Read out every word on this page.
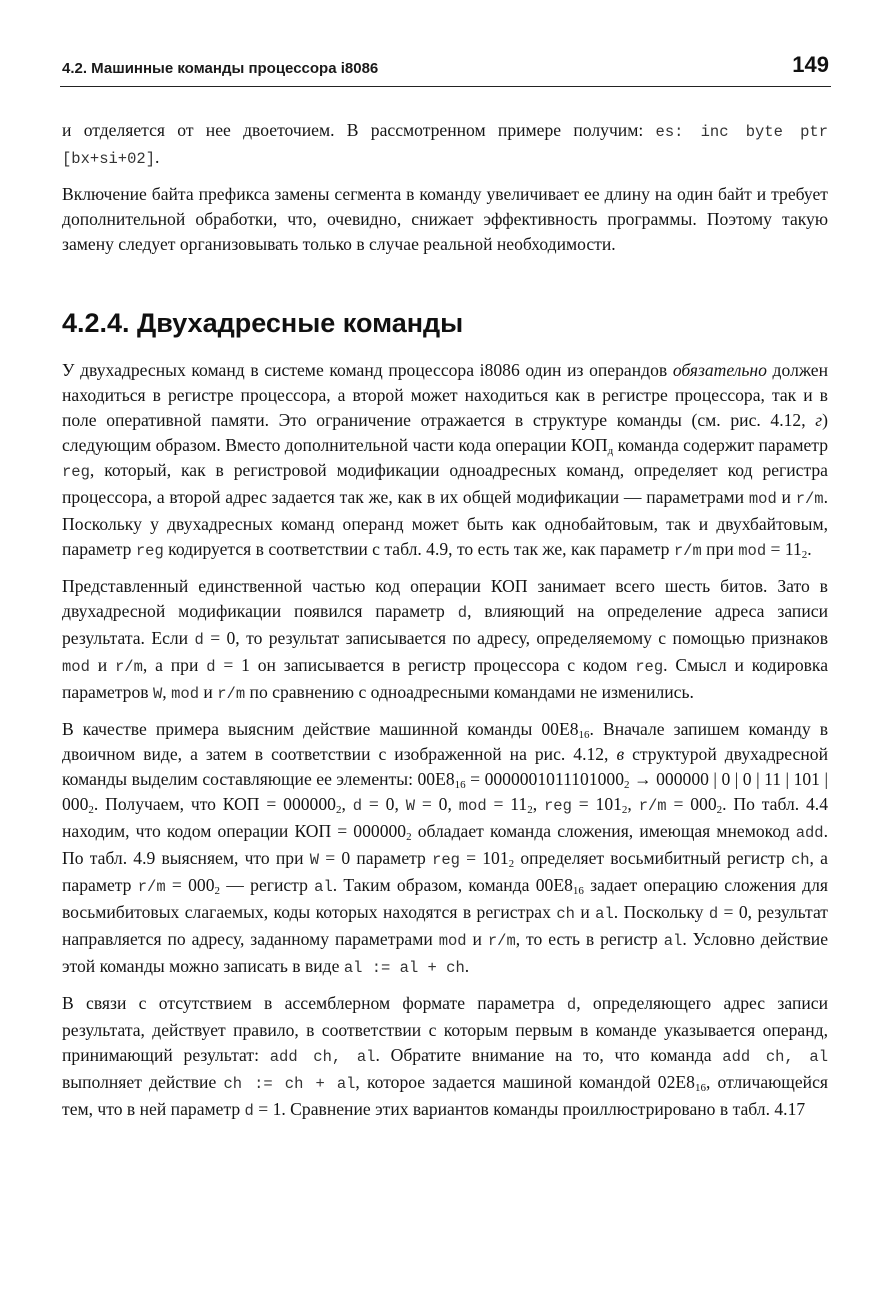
4.2. Машинные команды процессора i8086	149

и отделяется от нее двоеточием. В рассмотренном примере получим: es: inc byte ptr [bx+si+02].

Включение байта префикса замены сегмента в команду увеличивает ее длину на один байт и требует дополнительной обработки, что, очевидно, снижает эффективность программы. Поэтому такую замену следует организовывать только в случае реальной необходимости.

4.2.4. Двухадресные команды

У двухадресных команд в системе команд процессора i8086 один из операндов обязательно должен находиться в регистре процессора, а второй может находиться как в регистре процессора, так и в поле оперативной памяти. Это ограничение отражается в структуре команды (см. рис. 4.12, г) следующим образом. Вместо дополнительной части кода операции $КОП_д$ команда содержит параметр reg, который, как в регистровой модификации одноадресных команд, определяет код регистра процессора, а второй адрес задается так же, как в их общей модификации — параметрами mod и r/m. Поскольку у двухадресных команд операнд может быть как однобайтовым, так и двухбайтовым, параметр reg кодируется в соответствии с табл. 4.9, то есть так же, как параметр r/m при mod = $11_2$.

Представленный единственной частью код операции КОП занимает всего шесть битов. Зато в двухадресной модификации появился параметр d, влияющий на определение адреса записи результата. Если d = 0, то результат записывается по адресу, определяемому с помощью признаков mod и r/m, а при d = 1 он записывается в регистр процессора с кодом reg. Смысл и кодировка параметров W, mod и r/m по сравнению с одноадресными командами не изменились.

В качестве примера выясним действие машинной команды $00E8_{16}$. Вначале запишем команду в двоичном виде, а затем в соответствии с изображенной на рис. 4.12, в структурой двухадресной команды выделим составляющие ее элементы: $00E8_{16} = 0000001011101000_2 \to 000000$ | 0 | 0 | 11 | 101 | $000_2$. Получаем, что КОП = $000000_2$, d = 0, W = 0, mod = $11_2$, reg = $101_2$, $r/m = 000_2$. По табл. 4.4 находим, что кодом операции КОП = $000000_2$ обладает команда сложения, имеющая мнемокод add. По табл. 4.9 выясняем, что при W = 0 параметр reg = $101_2$ определяет восьмибитный регистр ch, а параметр $r/m = 000_2$ — регистр al. Таким образом, команда $00E8_{16}$ задает операцию сложения для восьмибитовых слагаемых, коды которых находятся в регистрах ch и al. Поскольку d = 0, результат направляется по адресу, заданному параметрами mod и r/m, то есть в регистр al. Условно действие этой команды можно записать в виде al := al + ch.

В связи с отсутствием в ассемблерном формате параметра d, определяющего адрес записи результата, действует правило, в соответствии с которым первым в команде указывается операнд, принимающий результат: add ch, al. Обратите внимание на то, что команда add ch, al выполняет действие ch := ch + al, которое задается машиной командой $02E8_{16}$, отличающейся тем, что в ней параметр d = 1. Сравнение этих вариантов команды проиллюстрировано в табл. 4.17
